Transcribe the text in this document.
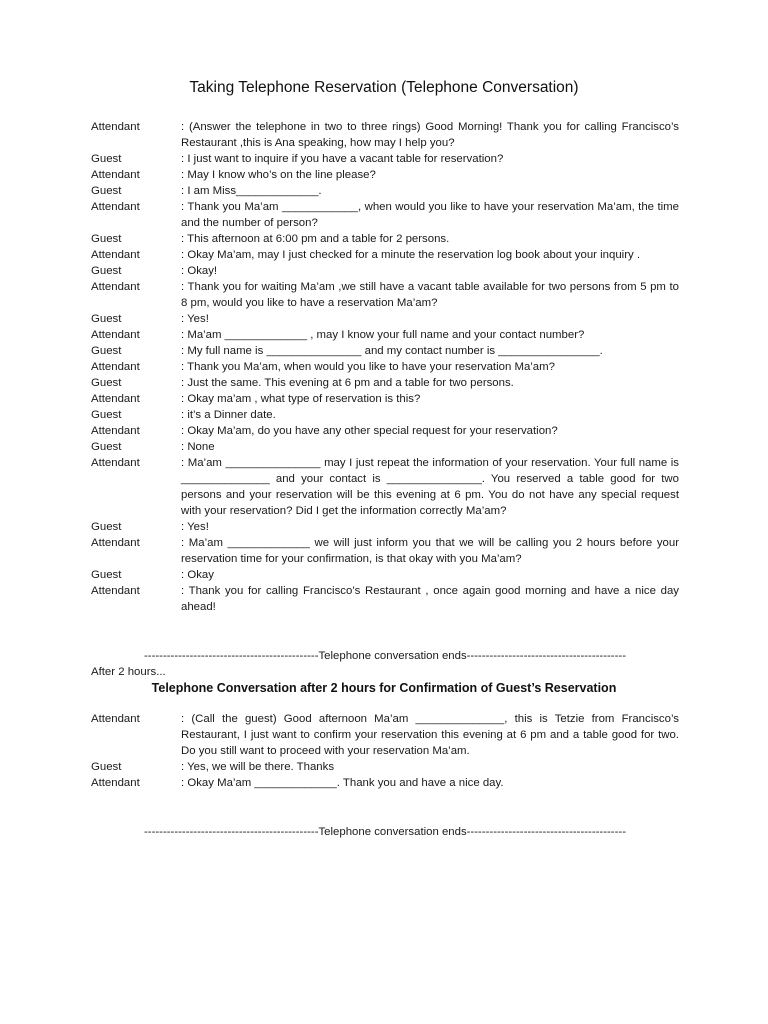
Taking Telephone Reservation (Telephone Conversation)
Attendant	: (Answer the telephone in two to three rings) Good Morning! Thank you for calling Francisco’s Restaurant ,this is Ana speaking, how may I help you?
Guest	: I just want to inquire if you have a vacant table for reservation?
Attendant	: May I know who’s on the line please?
Guest	: I am Miss_____________.
Attendant	: Thank you Ma’am ____________, when would you like to have your reservation Ma’am, the time and the number of person?
Guest	: This afternoon at 6:00 pm and a table for 2 persons.
Attendant	: Okay Ma’am, may I just checked for a minute the reservation log book about your inquiry .
Guest	: Okay!
Attendant	: Thank you for waiting Ma’am ,we still have a vacant table available for two persons from 5 pm to 8 pm, would you like to have a reservation Ma’am?
Guest	: Yes!
Attendant	: Ma’am _____________ , may I know your full name and your contact number?
Guest	: My full name is _______________ and my contact number is ________________.
Attendant	: Thank you Ma’am, when would you like to have your reservation Ma’am?
Guest	: Just the same. This evening at 6 pm and a table for two persons.
Attendant	: Okay ma’am , what type of reservation is this?
Guest	: it’s a Dinner date.
Attendant	: Okay Ma’am, do you have any other special request for your reservation?
Guest	: None
Attendant	: Ma’am _______________ may I just repeat the information of your reservation. Your full name is ______________ and your contact is _______________. You reserved a table good for two persons and your reservation will be this evening at 6 pm. You do not have any special request with your reservation? Did I get the information correctly Ma’am?
Guest	: Yes!
Attendant	: Ma’am _____________ we will just inform you that we will be calling you 2 hours before your reservation time for your confirmation, is that okay with you Ma’am?
Guest	: Okay
Attendant	: Thank you for calling Francisco’s Restaurant , once again good morning and have a nice day ahead!
----------------------------------------------Telephone conversation ends------------------------------------------
After 2 hours...
Telephone Conversation after 2 hours for Confirmation of Guest’s Reservation
Attendant	: (Call the guest) Good afternoon Ma’am ______________, this is Tetzie from Francisco’s Restaurant, I just want to confirm your reservation this evening at 6 pm and a table good for two. Do you still want to proceed with your reservation Ma’am.
Guest	: Yes, we will be there. Thanks
Attendant	: Okay Ma’am _____________. Thank you and have a nice day.
----------------------------------------------Telephone conversation ends------------------------------------------
